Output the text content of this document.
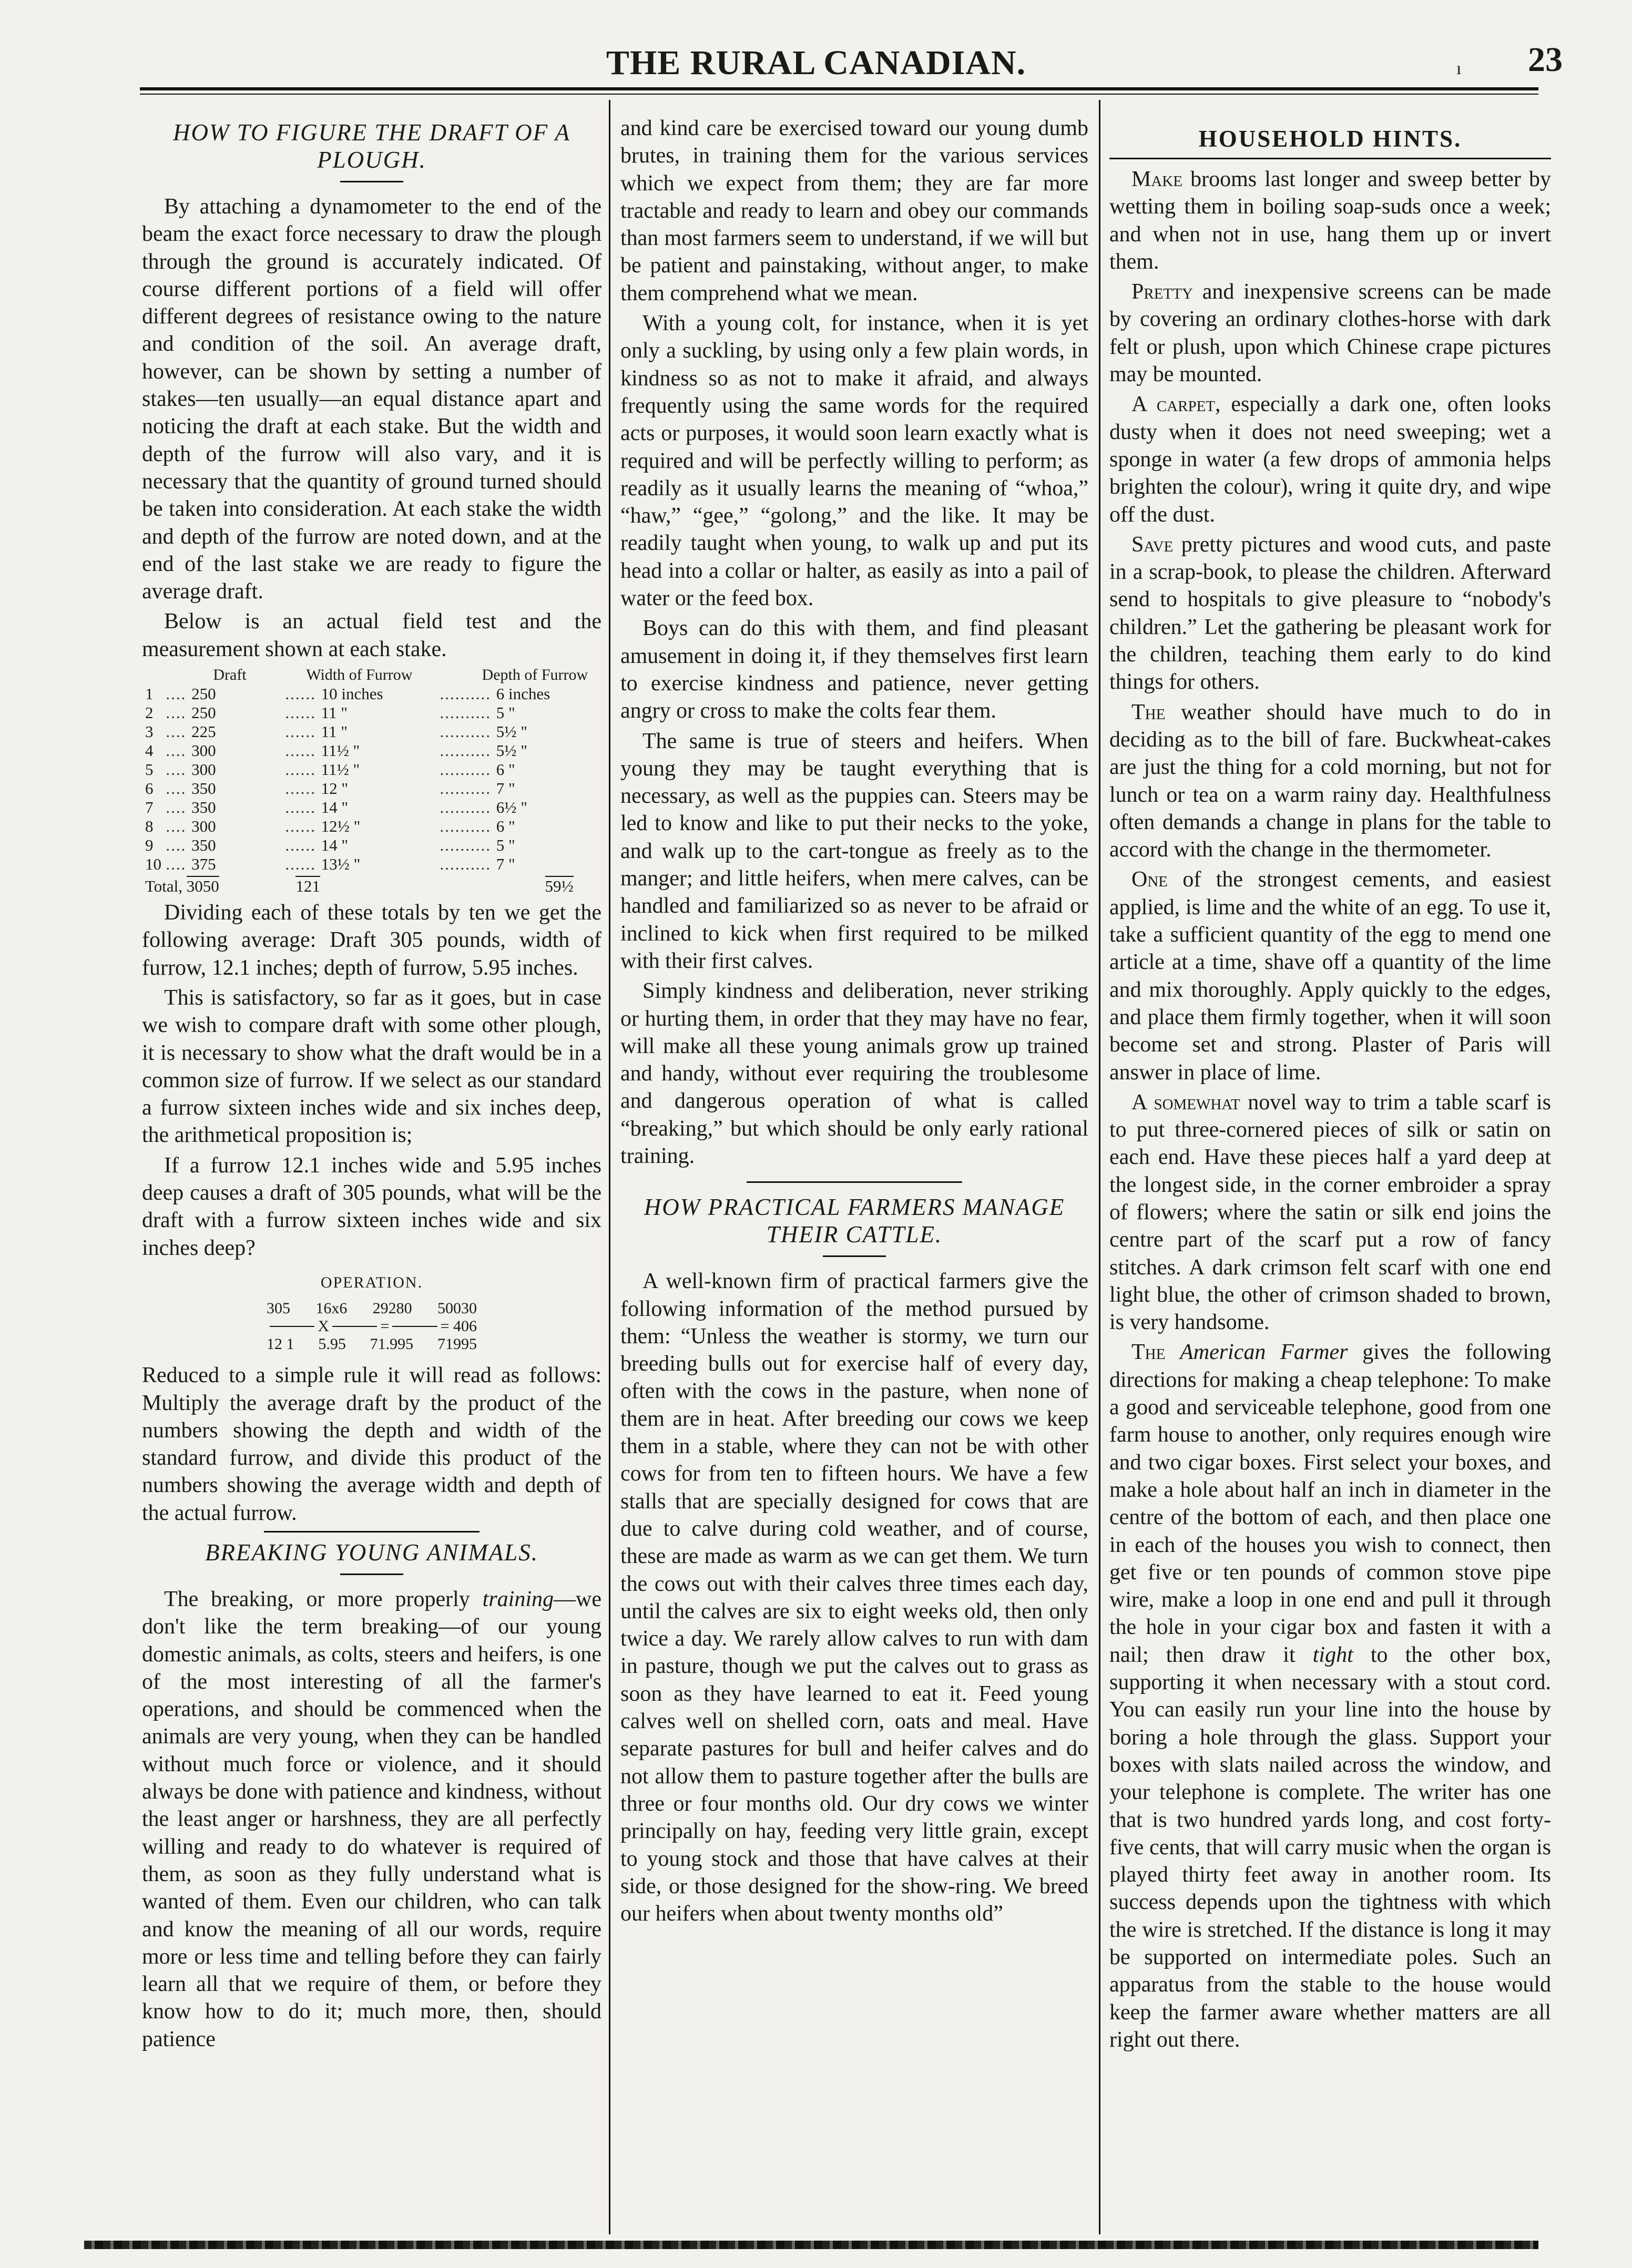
THE RURAL CANADIAN.	ı 23
HOW TO FIGURE THE DRAFT OF A PLOUGH.

By attaching a dynamometer to the end of the beam the exact force necessary to draw the plough through the ground is accurately indicated. Of course different portions of a field will offer different degrees of resistance owing to the nature and condition of the soil. An average draft, however, can be shown by setting a number of stakes—ten usually—an equal distance apart and noticing the draft at each stake. But the width and depth of the furrow will also vary, and it is necessary that the quantity of ground turned should be taken into consideration. At each stake the width and depth of the furrow are noted down, and at the end of the last stake we are ready to figure the average draft.

Below is an actual field test and the measurement shown at each stake.

	Draft	Width of Furrow	Depth of Furrow
1	.... 250	...... 10 inches	.......... 6 inches
2	.... 250	...... 11 "	.......... 5 "
3	.... 225	...... 11 "	.......... 5½ "
4	.... 300	...... 11½ "	.......... 5½ "
5	.... 300	...... 11½ "	.......... 6 "
6	.... 350	...... 12 "	.......... 7 "
7	.... 350	...... 14 "	.......... 6½ "
8	.... 300	...... 12½ "	.......... 6 "
9	.... 350	...... 14 "	.......... 5 "
10	.... 375	...... 13½ "	.......... 7 "
Total, 3050		121	59½

Dividing each of these totals by ten we get the following average: Draft 305 pounds, width of furrow, 12.1 inches; depth of furrow, 5.95 inches.

This is satisfactory, so far as it goes, but in case we wish to compare draft with some other plough, it is necessary to show what the draft would be in a common size of furrow. If we select as our standard a furrow sixteen inches wide and six inches deep, the arithmetical proposition is;

If a furrow 12.1 inches wide and 5.95 inches deep causes a draft of 305 pounds, what will be the draft with a furrow sixteen inches wide and six inches deep?

OPERATION.
305 16x6 29280 50030
X	=	= 406
12 1 5.95 71.995 71995

Reduced to a simple rule it will read as follows: Multiply the average draft by the product of the numbers showing the depth and width of the standard furrow, and divide this product of the numbers showing the average width and depth of the actual furrow.

BREAKING YOUNG ANIMALS.

The breaking, or more properly training—we don't like the term breaking—of our young domestic animals, as colts, steers and heifers, is one of the most interesting of all the farmer's operations, and should be commenced when the animals are very young, when they can be handled without much force or violence, and it should always be done with patience and kindness, without the least anger or harshness, they are all perfectly willing and ready to do whatever is required of them, as soon as they fully understand what is wanted of them. Even our children, who can talk and know the meaning of all our words, require more or less time and telling before they can fairly learn all that we require of them, or before they know how to do it; much more, then, should patience

and kind care be exercised toward our young dumb brutes, in training them for the various services which we expect from them; they are far more tractable and ready to learn and obey our commands than most farmers seem to understand, if we will but be patient and painstaking, without anger, to make them comprehend what we mean.

With a young colt, for instance, when it is yet only a suckling, by using only a few plain words, in kindness so as not to make it afraid, and always frequently using the same words for the required acts or purposes, it would soon learn exactly what is required and will be perfectly willing to perform; as readily as it usually learns the meaning of “whoa,” “haw,” “gee,” “golong,” and the like. It may be readily taught when young, to walk up and put its head into a collar or halter, as easily as into a pail of water or the feed box.

Boys can do this with them, and find pleasant amusement in doing it, if they themselves first learn to exercise kindness and patience, never getting angry or cross to make the colts fear them.

The same is true of steers and heifers. When young they may be taught everything that is necessary, as well as the puppies can. Steers may be led to know and like to put their necks to the yoke, and walk up to the cart-tongue as freely as to the manger; and little heifers, when mere calves, can be handled and familiarized so as never to be afraid or inclined to kick when first required to be milked with their first calves.

Simply kindness and deliberation, never striking or hurting them, in order that they may have no fear, will make all these young animals grow up trained and handy, without ever requiring the troublesome and dangerous operation of what is called “breaking,” but which should be only early rational training.

HOW PRACTICAL FARMERS MANAGE THEIR CATTLE.

A well-known firm of practical farmers give the following information of the method pursued by them: “Unless the weather is stormy, we turn our breeding bulls out for exercise half of every day, often with the cows in the pasture, when none of them are in heat. After breeding our cows we keep them in a stable, where they can not be with other cows for from ten to fifteen hours. We have a few stalls that are specially designed for cows that are due to calve during cold weather, and of course, these are made as warm as we can get them. We turn the cows out with their calves three times each day, until the calves are six to eight weeks old, then only twice a day. We rarely allow calves to run with dam in pasture, though we put the calves out to grass as soon as they have learned to eat it. Feed young calves well on shelled corn, oats and meal. Have separate pastures for bull and heifer calves and do not allow them to pasture together after the bulls are three or four months old. Our dry cows we winter principally on hay, feeding very little grain, except to young stock and those that have calves at their side, or those designed for the show-ring. We breed our heifers when about twenty months old”

HOUSEHOLD HINTS.

Make brooms last longer and sweep better by wetting them in boiling soap-suds once a week; and when not in use, hang them up or invert them.

Pretty and inexpensive screens can be made by covering an ordinary clothes-horse with dark felt or plush, upon which Chinese crape pictures may be mounted.

A carpet, especially a dark one, often looks dusty when it does not need sweeping; wet a sponge in water (a few drops of ammonia helps brighten the colour), wring it quite dry, and wipe off the dust.

Save pretty pictures and wood cuts, and paste in a scrap-book, to please the children. Afterward send to hospitals to give pleasure to “nobody's children.” Let the gathering be pleasant work for the children, teaching them early to do kind things for others.

The weather should have much to do in deciding as to the bill of fare. Buckwheat-cakes are just the thing for a cold morning, but not for lunch or tea on a warm rainy day. Healthfulness often demands a change in plans for the table to accord with the change in the thermometer.

One of the strongest cements, and easiest applied, is lime and the white of an egg. To use it, take a sufficient quantity of the egg to mend one article at a time, shave off a quantity of the lime and mix thoroughly. Apply quickly to the edges, and place them firmly together, when it will soon become set and strong. Plaster of Paris will answer in place of lime.

A somewhat novel way to trim a table scarf is to put three-cornered pieces of silk or satin on each end. Have these pieces half a yard deep at the longest side, in the corner embroider a spray of flowers; where the satin or silk end joins the centre part of the scarf put a row of fancy stitches. A dark crimson felt scarf with one end light blue, the other of crimson shaded to brown, is very handsome.

The American Farmer gives the following directions for making a cheap telephone: To make a good and serviceable telephone, good from one farm house to another, only requires enough wire and two cigar boxes. First select your boxes, and make a hole about half an inch in diameter in the centre of the bottom of each, and then place one in each of the houses you wish to connect, then get five or ten pounds of common stove pipe wire, make a loop in one end and pull it through the hole in your cigar box and fasten it with a nail; then draw it tight to the other box, supporting it when necessary with a stout cord. You can easily run your line into the house by boring a hole through the glass. Support your boxes with slats nailed across the window, and your telephone is complete. The writer has one that is two hundred yards long, and cost forty-five cents, that will carry music when the organ is played thirty feet away in another room. Its success depends upon the tightness with which the wire is stretched. If the distance is long it may be supported on intermediate poles. Such an apparatus from the stable to the house would keep the farmer aware whether matters are all right out there.
